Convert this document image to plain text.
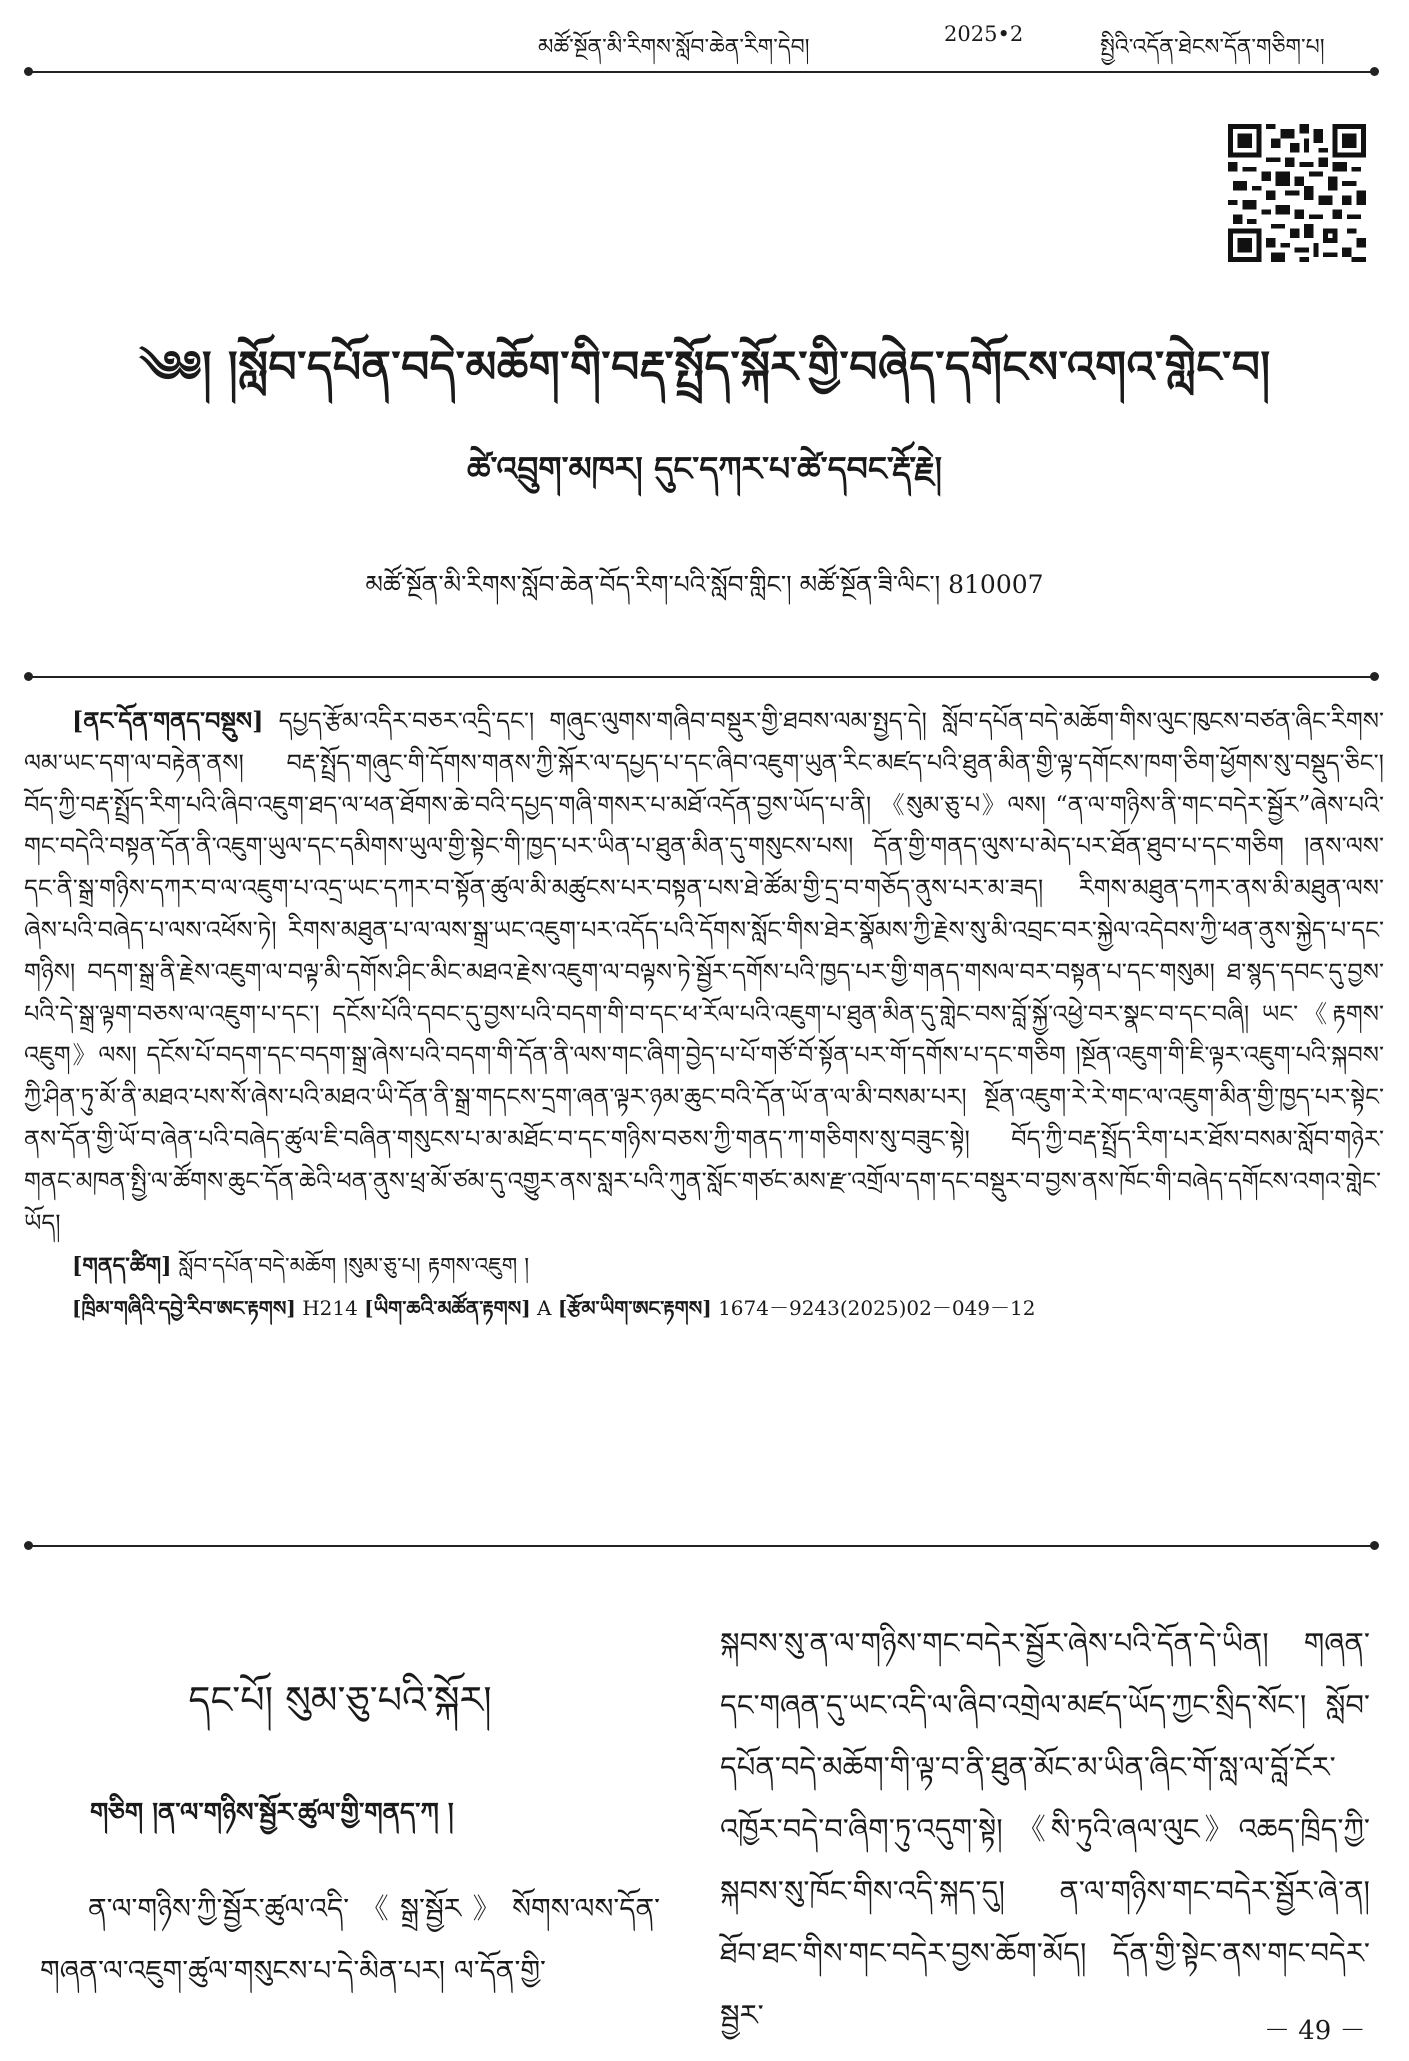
མཚོ་སྔོན་མི་རིགས་སློབ་ཆེན་རིག་དེབ།
2025•2
སྤྱིའི་འདོན་ཐེངས་དོན་གཅིག་པ།
༄༅། །སློབ་དཔོན་བདེ་མཆོག་གི་བརྡ་སྤྲོད་སྐོར་གྱི་བཞེད་དགོངས་འགའ་གླེང་བ།
ཚེ་འབྲུག་མཁར། དུང་དཀར་པ་ཚེ་དབང་རྡོ་རྗེ།
མཚོ་སྔོན་མི་རིགས་སློབ་ཆེན་བོད་རིག་པའི་སློབ་གླིང་། མཚོ་སྔོན་ཟི་ལིང་། 810007

[ནང་དོན་གནད་བསྡུས] དཔྱད་རྩོམ་འདིར་བཅར་འདྲི་དང་། གཞུང་ལུགས་གཞིབ་བསྡུར་གྱི་ཐབས་ལམ་སྤྱད་དེ། སློབ་དཔོན་བདེ་མཆོག་གིས་ལུང་ཁུངས་བཙན་ཞིང་རིགས་ལམ་ཡང་དག་ལ་བརྟེན་ནས། བརྡ་སྤྲོད་གཞུང་གི་དོགས་གནས་ཀྱི་སྐོར་ལ་དཔྱད་པ་དང་ཞིབ་འཇུག་ཡུན་རིང་མཛད་པའི་ཐུན་མིན་གྱི་ལྟ་དགོངས་ཁག་ཅིག་ཕྱོགས་སུ་བསྡུད་ཅིང་། བོད་ཀྱི་བརྡ་སྤྲོད་རིག་པའི་ཞིབ་འཇུག་ཐད་ལ་ཕན་ཐོགས་ཆེ་བའི་དཔྱད་གཞི་གསར་པ་མཐོ་འདོན་བྱས་ཡོད་པ་ནི། 《སུམ་ཅུ་པ》ལས། “ན་ལ་གཉིས་ནི་གང་བདེར་སྦྱོར”ཞེས་པའི་གང་བདེའི་བསྟན་དོན་ནི་འཇུག་ཡུལ་དང་དམིགས་ཡུལ་གྱི་སྟེང་གི་ཁྱད་པར་ཡིན་པ་ཐུན་མིན་དུ་གསུངས་པས། དོན་གྱི་གནད་ལུས་པ་མེད་པར་ཐོན་ཐུབ་པ་དང་གཅིག །ནས་ལས་དང་ནི་སྒྲ་གཉིས་དཀར་བ་ལ་འཇུག་པ་འདྲ་ཡང་དཀར་བ་སྟོན་ཚུལ་མི་མཚུངས་པར་བསྟན་པས་ཐེ་ཚོམ་གྱི་དྲ་བ་གཅོད་ནུས་པར་མ་ཟད། རིགས་མཐུན་དཀར་ནས་མི་མཐུན་ལས་ཞེས་པའི་བཞེད་པ་ལས་འཕོས་ཏེ། རིགས་མཐུན་པ་ལ་ལས་སྒྲ་ཡང་འཇུག་པར་འདོད་པའི་དོགས་སློང་གིས་ཐེར་སྣོམས་ཀྱི་རྗེས་སུ་མི་འབྲང་བར་སྐྱེལ་འདེབས་ཀྱི་ཕན་ནུས་སྐྱེད་པ་དང་གཉིས། བདག་སྒྲ་ནི་རྗེས་འཇུག་ལ་བལྟ་མི་དགོས་ཤིང་མིང་མཐའ་རྗེས་འཇུག་ལ་བལྟས་ཏེ་སྦྱོར་དགོས་པའི་ཁྱད་པར་གྱི་གནད་གསལ་བར་བསྟན་པ་དང་གསུམ། ཐ་སྙད་དབང་དུ་བྱས་པའི་དེ་སྒྲ་ལྟག་བཅས་ལ་འཇུག་པ་དང་། དངོས་པོའི་དབང་དུ་བྱས་པའི་བདག་གི་བ་དང་ཕ་རོལ་པའི་འཇུག་པ་ཐུན་མིན་དུ་གླེང་བས་བློ་སྐྱོ་འཕྱེ་བར་སྣང་བ་དང་བཞི། ཡང་《རྟགས་འཇུག》ལས། དངོས་པོ་བདག་དང་བདག་སྒྲ་ཞེས་པའི་བདག་གི་དོན་ནི་ལས་གང་ཞིག་བྱེད་པ་པོ་གཙོ་བོ་སྟོན་པར་གོ་དགོས་པ་དང་གཅིག །སྔོན་འཇུག་གི་ཇི་ལྟར་འཇུག་པའི་སྐབས་ཀྱི་ཤིན་ཏུ་མོ་ནི་མཐའ་པས་སོ་ཞེས་པའི་མཐའ་ཡི་དོན་ནི་སྒྲ་གདངས་དྲག་ཞན་ལྟར་ཉམ་ཆུང་བའི་དོན་ཡོ་ན་ལ་མི་བསམ་པར། སྔོན་འཇུག་རེ་རེ་གང་ལ་འཇུག་མིན་གྱི་ཁྱད་པར་སྟེང་ནས་དོན་གྱི་ཡོ་བ་ཞེན་པའི་བཞེད་ཚུལ་ཇི་བཞིན་གསུངས་པ་མ་མཐོང་བ་དང་གཉིས་བཅས་ཀྱི་གནད་ཀ་གཅིགས་སུ་བཟུང་སྟེ། བོད་ཀྱི་བརྡ་སྤྲོད་རིག་པར་ཐོས་བསམ་སློབ་གཉེར་གནང་མཁན་སྤྱི་ལ་ཚོགས་ཆུང་དོན་ཆེའི་ཕན་ནུས་ཕྲ་མོ་ཙམ་དུ་འགྱུར་ནས་སླར་པའི་ཀུན་སློང་གཙང་མས་རྫ་འགྲོལ་དག་དང་བསྡུར་བ་བྱས་ནས་ཁོང་གི་བཞེད་དགོངས་འགའ་གླེང་ཡོད།

[གནད་ཚིག] སློབ་དཔོན་བདེ་མཆོག །སུམ་ཅུ་པ། རྟགས་འཇུག །

[ཁྲིམ་གཞིའི་དབྱེ་རིབ་ཨང་རྟགས] H214 [ཡིག་ཆའི་མཚོན་རྟགས] A [རྩོམ་ཡིག་ཨང་རྟགས] 1674－9243(2025)02－049－12

དང་པོ། སུམ་ཅུ་པའི་སྐོར།
གཅིག །ན་ལ་གཉིས་སྦྱོར་ཚུལ་གྱི་གནད་ཀ །

ན་ལ་གཉིས་ཀྱི་སྦྱོར་ཚུལ་འདི་《སྒྲ་སྦྱོར》སོགས་ལས་དོན་གཞན་ལ་འཇུག་ཚུལ་གསུངས་པ་དེ་མིན་པར། ལ་དོན་གྱི་

སྐབས་སུ་ན་ལ་གཉིས་གང་བདེར་སྦྱོར་ཞེས་པའི་དོན་དེ་ཡིན། གཞན་དང་གཞན་དུ་ཡང་འདི་ལ་ཞིབ་འགྲེལ་མཛད་ཡོད་ཀྱང་སྲིད་སོང་། སློབ་དཔོན་བདེ་མཆོག་གི་ལྟ་བ་ནི་ཐུན་མོང་མ་ཡིན་ཞིང་གོ་སླ་ལ་བློ་ངོར་འཁྱོར་བདེ་བ་ཞིག་ཏུ་འདུག་སྟེ། 《སི་ཏུའི་ཞལ་ལུང》འཆད་ཁྲིད་ཀྱི་སྐབས་སུ་ཁོང་གིས་འདི་སྐད་དུ། ན་ལ་གཉིས་གང་བདེར་སྦྱོར་ཞེ་ན། ཐོབ་ཐང་གིས་གང་བདེར་བྱས་ཆོག་མོད། དོན་གྱི་སྟེང་ནས་གང་བདེར་སྦྱར་	－ 49 －
